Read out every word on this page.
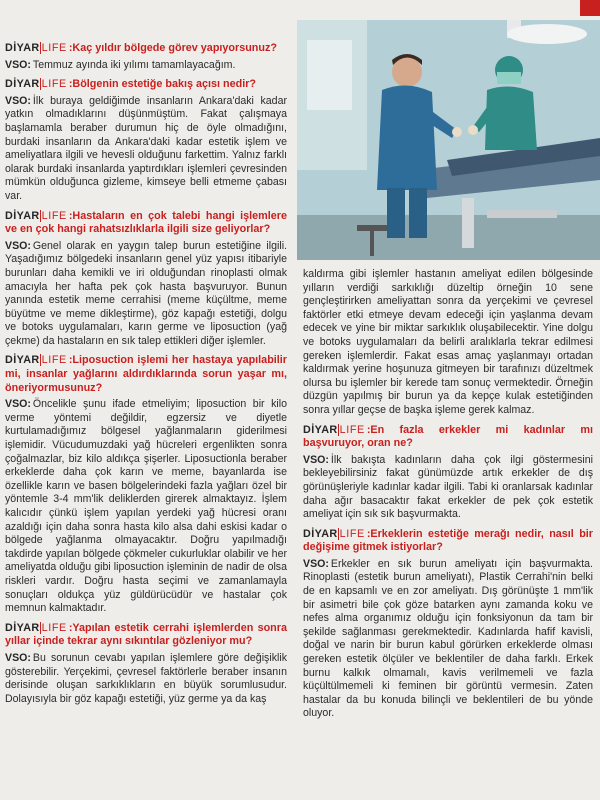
DİYAR LIFE :Kaç yıldır bölgede görev yapıyorsunuz?
VSO: Temmuz ayında iki yılımı tamamlayacağım.
DİYAR LIFE :Bölgenin estetiğe bakış açısı nedir?
VSO: İlk buraya geldiğimde insanların Ankara'daki kadar yatkın olmadıklarını düşünmüştüm. Fakat çalışmaya başlamamla beraber durumun hiç de öyle olmadığını, burdaki insanların da Ankara'daki kadar estetik işlem ve ameliyatlara ilgili ve hevesli olduğunu farkettim. Yalnız farklı olarak burdaki insanlarda yaptırdıkları işlemleri çevresinden mümkün olduğunca gizleme, kimseye belli etmeme çabası var.
DİYAR LIFE :Hastaların en çok talebi hangi işlemlere ve en çok hangi rahatsızlıklarla ilgili size geliyorlar?
VSO: Genel olarak en yaygın talep burun estetiğine ilgili. Yaşadığımız bölgedeki insanların genel yüz yapısı itibariyle burunları daha kemikli ve iri olduğundan rinoplasti olmak amacıyla her hafta pek çok hasta başvuruyor. Bunun yanında estetik meme cerrahisi (meme küçültme, meme büyütme ve meme dikleştirme), göz kapağı estetiği, dolgu ve botoks uygulamaları, karın germe ve liposuction (yağ çekme) da hastaların en sık talep ettikleri diğer işlemler.
DİYAR LIFE :Liposuction işlemi her hastaya yapılabilir mi, insanlar yağlarını aldırdıklarında sorun yaşar mı, öneriyormusunuz?
VSO: Öncelikle şunu ifade etmeliyim; liposuction bir kilo verme yöntemi değildir, egzersiz ve diyetle kurtulamadığımız bölgesel yağlanmaların giderilmesi işlemidir. Vücudumuzdaki yağ hücreleri ergenlikten sonra çoğalmazlar, biz kilo aldıkça şişerler. Liposuctionla beraber erkeklerde daha çok karın ve meme, bayanlarda ise özellikle karın ve basen bölgelerindeki fazla yağları özel bir yöntemle 3-4 mm'lik deliklerden girerek almaktayız. İşlem kalıcıdır çünkü işlem yapılan yerdeki yağ hücresi oranı azaldığı için daha sonra hasta kilo alsa dahi eskisi kadar o bölgede yağlanma olmayacaktır. Doğru yapılmadığı takdirde yapılan bölgede çökmeler cukurluklar olabilir ve her ameliyatda olduğu gibi liposuction işleminin de nadir de olsa riskleri vardır. Doğru hasta seçimi ve zamanlamayla sonuçları oldukça yüz güldürücüdür ve hastalar çok memnun kalmaktadır.
DİYAR LIFE :Yapılan estetik cerrahi işlemlerden sonra yıllar içinde tekrar aynı sıkıntılar gözleniyor mu?
VSO: Bu sorunun cevabı yapılan işlemlere göre değişiklik gösterebilir. Yerçekimi, çevresel faktörlerle beraber insanın derisinde oluşan sarkıklıkların en büyük sorumlusudur. Dolayısıyla bir göz kapağı estetiği, yüz germe ya da kaş
kaldırma gibi işlemler hastanın ameliyat edilen bölgesinde yılların verdiği sarkıklığı düzeltip örneğin 10 sene gençleştirirken ameliyattan sonra da yerçekimi ve çevresel faktörler etki etmeye devam edeceği için yaşlanma devam edecek ve yine bir miktar sarkıklık oluşabilecektir. Yine dolgu ve botoks uygulamaları da belirli aralıklarla tekrar edilmesi gereken işlemlerdir. Fakat esas amaç yaşlanmayı ortadan kaldırmak yerine hoşunuza gitmeyen bir tarafınızı düzeltmek olursa bu işlemler bir kerede tam sonuç vermektedir. Örneğin düzgün yapılmış bir burun ya da kepçe kulak estetiğinden sonra yıllar geçse de başka işleme gerek kalmaz.
DİYAR LIFE :En fazla erkekler mi kadınlar mı başvuruyor, oran ne?
VSO: İlk bakışta kadınların daha çok ilgi göstermesini bekleyebilirsiniz fakat günümüzde artık erkekler de dış görünüşleriyle kadınlar kadar ilgili. Tabi ki oranlarsak kadınlar daha ağır basacaktır fakat erkekler de pek çok estetik ameliyat için sık sık başvurmakta.
DİYAR LIFE :Erkeklerin estetiğe merağı nedir, nasıl bir değişime gitmek istiyorlar?
VSO: Erkekler en sık burun ameliyatı için başvurmakta. Rinoplasti (estetik burun ameliyatı), Plastik Cerrahi'nin belki de en kapsamlı ve en zor ameliyatı. Dış görünüşte 1 mm'lik bir asimetri bile çok göze batarken aynı zamanda koku ve nefes alma organımız olduğu için fonksiyonun da tam bir şekilde sağlanması gerekmektedir. Kadınlarda hafif kavisli, doğal ve narin bir burun kabul görürken erkeklerde olması gereken estetik ölçüler ve beklentiler de daha farklı. Erkek burnu kalkık olmamalı, kavis verilmemeli ve fazla küçültülmemeli ki feminen bir görüntü vermesin. Zaten hastalar da bu konuda bilinçli ve beklentileri de bu yönde oluyor.
